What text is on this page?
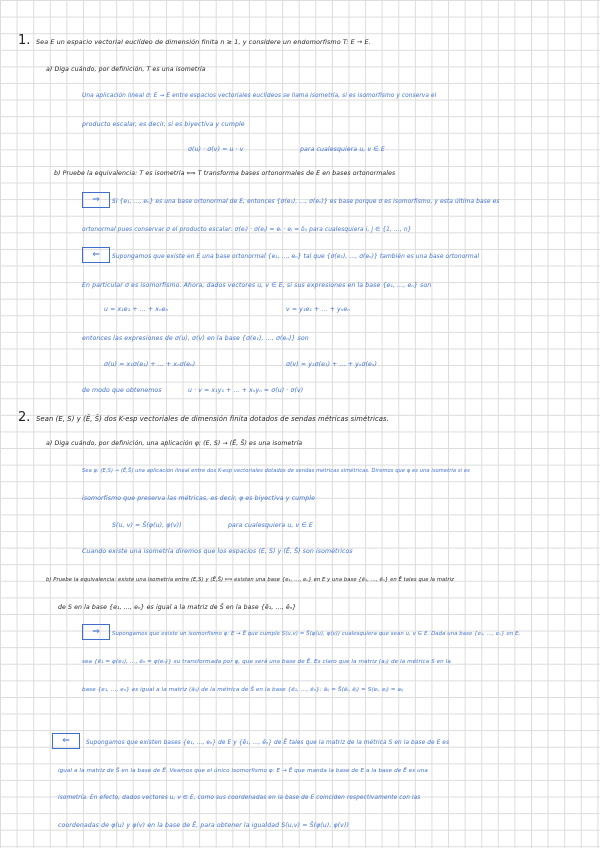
1. Sea E un espacio vectorial euclídeo de dimensión finita n ≥ 1, y considere un endomorfismo T: E → E.
a) Diga cuándo, por definición, T es una isometría
Una aplicación lineal σ: E → E entre espacios vectoriales euclídeos se llama isometría, si es isomorfismo y conserva el
producto escalar, es decir, si es biyectiva y cumple
σ(u) · σ(v) = u · v	para cualesquiera u, v ∈ E
b) Pruebe la equivalencia: T es isometría ⟺ T transforma bases ortonormales de E en bases ortonormales
⇒	Si {e₁, ..., eₙ} es una base ortonormal de E, entonces {σ(e₁), ..., σ(eₙ)} es base porque σ es isomorfismo, y esta última base es
ortonormal pues conservar σ el producto escalar: σ(eᵢ) · σ(eⱼ) = eᵢ · eⱼ = δᵢⱼ para cualesquiera i, j ∈ {1, ..., n}
⇐	Supongamos que existe en E una base ortonormal {e₁, ..., eₙ} tal que {σ(e₁), ..., σ(eₙ)} también es una base ortonormal
En particular σ es isomorfismo. Ahora, dados vectores u, v ∈ E, si sus expresiones en la base {e₁, ..., eₙ} son
u = x₁e₁ + ... + xₙeₙ	v = y₁e₁ + ... + yₙeₙ
entonces las expresiones de σ(u), σ(v) en la base {σ(e₁), ..., σ(eₙ)} son
σ(u) = x₁σ(e₁) + ... + xₙσ(eₙ)	σ(v) = y₁σ(e₁) + ... + yₙσ(eₙ)
de modo que obtenemos	u · v = x₁y₁ + ... + xₙyₙ = σ(u) · σ(v)
2. Sean (E, S) y (Ē, S̄) dos K-esp vectoriales de dimensión finita dotados de sendas métricas simétricas.
a) Diga cuándo, por definición, una aplicación φ: (E, S) → (Ē, S̄) es una isometría
Sea φ: (E,S) → (Ē,S̄) una aplicación lineal entre dos K-esp vectoriales dotados de sendas métricas simétricas. Diremos que φ es una isometría si es
isomorfismo que preserva las métricas, es decir, φ es biyectiva y cumple
S(u, v) = S̄(φ(u), φ(v))	para cualesquiera u, v ∈ E
Cuando existe una isometría diremos que los espacios (E, S) y (Ē, S̄) son isométricos
b) Pruebe la equivalencia: existe una isometría entre (E,S) y (Ē,S̄) ⟺ existen una base {e₁, ..., eₙ} en E y una base {ē₁, ..., ēₙ} en Ē tales que la matriz
de S en la base {e₁, ..., eₙ} es igual a la matriz de S̄ en la base {ē₁, ..., ēₙ}
⇒	Supongamos que existe un isomorfismo φ: E → Ē que cumple S(u,v) = S̄(φ(u), φ(v)) cualesquiera que sean u, v ∈ E. Dada una base {e₁, ..., eₙ} en E,
sea {ē₁ = φ(e₁), ..., ēₙ = φ(eₙ)} su transformada por φ, que será una base de Ē. Es claro que la matriz (aᵢⱼ) de la métrica S en la
base {e₁, ..., eₙ} es igual a la matriz (āᵢⱼ) de la métrica de S̄ en la base {ē₁, ..., ēₙ}: āᵢⱼ = S̄(ēᵢ, ēⱼ) = S(eᵢ, eⱼ) = aᵢⱼ
⇐	Supongamos que existen bases {e₁, ..., eₙ} de E y {ē₁, ..., ēₙ} de Ē tales que la matriz de la métrica S en la base de E es
igual a la matriz de S̄ en la base de Ē. Veamos que el único isomorfismo φ: E → Ē que manda la base de E a la base de Ē es una
isometría. En efecto, dados vectores u, v ∈ E, como sus coordenadas en la base de E coinciden respectivamente con las
coordenadas de φ(u) y φ(v) en la base de Ē, para obtener la igualdad S(u,v) = S̄(φ(u), φ(v))
